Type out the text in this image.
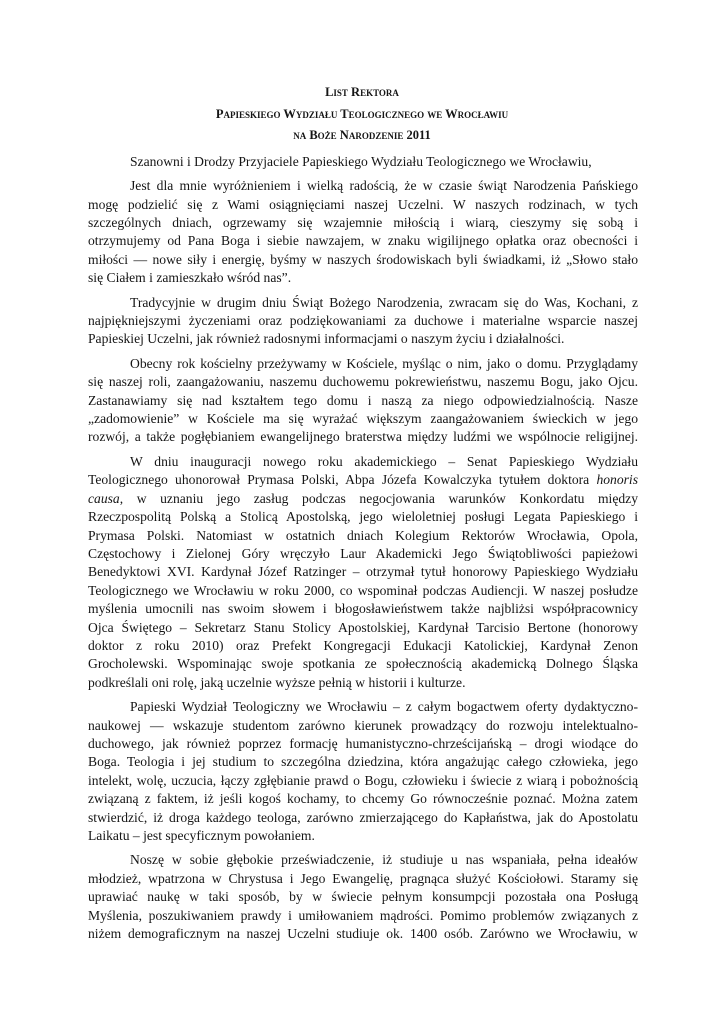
List Rektora
Papieskiego Wydziału Teologicznego we Wrocławiu
na Boże Narodzenie 2011
Szanowni i Drodzy Przyjaciele Papieskiego Wydziału Teologicznego we Wrocławiu,
Jest dla mnie wyróżnieniem i wielką radością, że w czasie świąt Narodzenia Pańskiego
mogę podzielić się z Wami osiągnięciami naszej Uczelni. W naszych rodzinach, w tych
szczególnych dniach, ogrzewamy się wzajemnie miłością i wiarą, cieszymy się sobą i
otrzymujemy od Pana Boga i siebie nawzajem, w znaku wigilijnego opłatka oraz obecności i
miłości — nowe siły i energię, byśmy w naszych środowiskach byli świadkami, iż „Słowo stało
się Ciałem i zamieszkało wśród nas”.
Tradycyjnie w drugim dniu Świąt Bożego Narodzenia, zwracam się do Was, Kochani, z
najpiękniejszymi życzeniami oraz podziękowaniami za duchowe i materialne wsparcie naszej
Papieskiej Uczelni, jak również radosnymi informacjami o naszym życiu i działalności.
Obecny rok kościelny przeżywamy w Kościele, myśląc o nim, jako o domu. Przyglądamy
się naszej roli, zaangażowaniu, naszemu duchowemu pokrewieństwu, naszemu Bogu, jako Ojcu.
Zastanawiamy się nad kształtem tego domu i naszą za niego odpowiedzialnością. Nasze
„zadomowienie” w Kościele ma się wyrażać większym zaangażowaniem świeckich w jego
rozwój, a także pogłębianiem ewangelijnego braterstwa między ludźmi we wspólnocie religijnej.
W dniu inauguracji nowego roku akademickiego – Senat Papieskiego Wydziału
Teologicznego uhonorował Prymasa Polski, Abpa Józefa Kowalczyka tytułem doktora honoris
causa, w uznaniu jego zasług podczas negocjowania warunków Konkordatu między
Rzeczpospolitą Polską a Stolicą Apostolską, jego wieloletniej posługi Legata Papieskiego i
Prymasa Polski. Natomiast w ostatnich dniach Kolegium Rektorów Wrocławia, Opola,
Częstochowy i Zielonej Góry wręczyło Laur Akademicki Jego Świątobliwości papieżowi
Benedyktowi XVI. Kardynał Józef Ratzinger – otrzymał tytuł honorowy Papieskiego Wydziału
Teologicznego we Wrocławiu w roku 2000, co wspominał podczas Audiencji. W naszej posłudze
myślenia umocnili nas swoim słowem i błogosławieństwem także najbliżsi współpracownicy
Ojca Świętego – Sekretarz Stanu Stolicy Apostolskiej, Kardynał Tarcisio Bertone (honorowy
doktor z roku 2010) oraz Prefekt Kongregacji Edukacji Katolickiej, Kardynał Zenon
Grocholewski. Wspominając swoje spotkania ze społecznością akademicką Dolnego Śląska
podkreślali oni rolę, jaką uczelnie wyższe pełnią w historii i kulturze.
Papieski Wydział Teologiczny we Wrocławiu – z całym bogactwem oferty dydaktyczno-
naukowej — wskazuje studentom zarówno kierunek prowadzący do rozwoju intelektualno-
duchowego, jak również poprzez formację humanistyczno-chrześcijańską – drogi wiodące do
Boga. Teologia i jej studium to szczególna dziedzina, która angażując całego człowieka, jego
intelekt, wolę, uczucia, łączy zgłębianie prawd o Bogu, człowieku i świecie z wiarą i pobożnością
związaną z faktem, iż jeśli kogoś kochamy, to chcemy Go równocześnie poznać. Można zatem
stwierdzić, iż droga każdego teologa, zarówno zmierzającego do Kapłaństwa, jak do Apostolatu
Laikatu – jest specyficznym powołaniem.
Noszę w sobie głębokie przeświadczenie, iż studiuje u nas wspaniała, pełna ideałów
młodzież, wpatrzona w Chrystusa i Jego Ewangelię, pragnąca służyć Kościołowi. Staramy się
uprawiać naukę w taki sposób, by w świecie pełnym konsumpcji pozostała ona Posługą
Myślenia, poszukiwaniem prawdy i umiłowaniem mądrości. Pomimo problemów związanych z
niżem demograficznym na naszej Uczelni studiuje ok. 1400 osób. Zarówno we Wrocławiu, w
